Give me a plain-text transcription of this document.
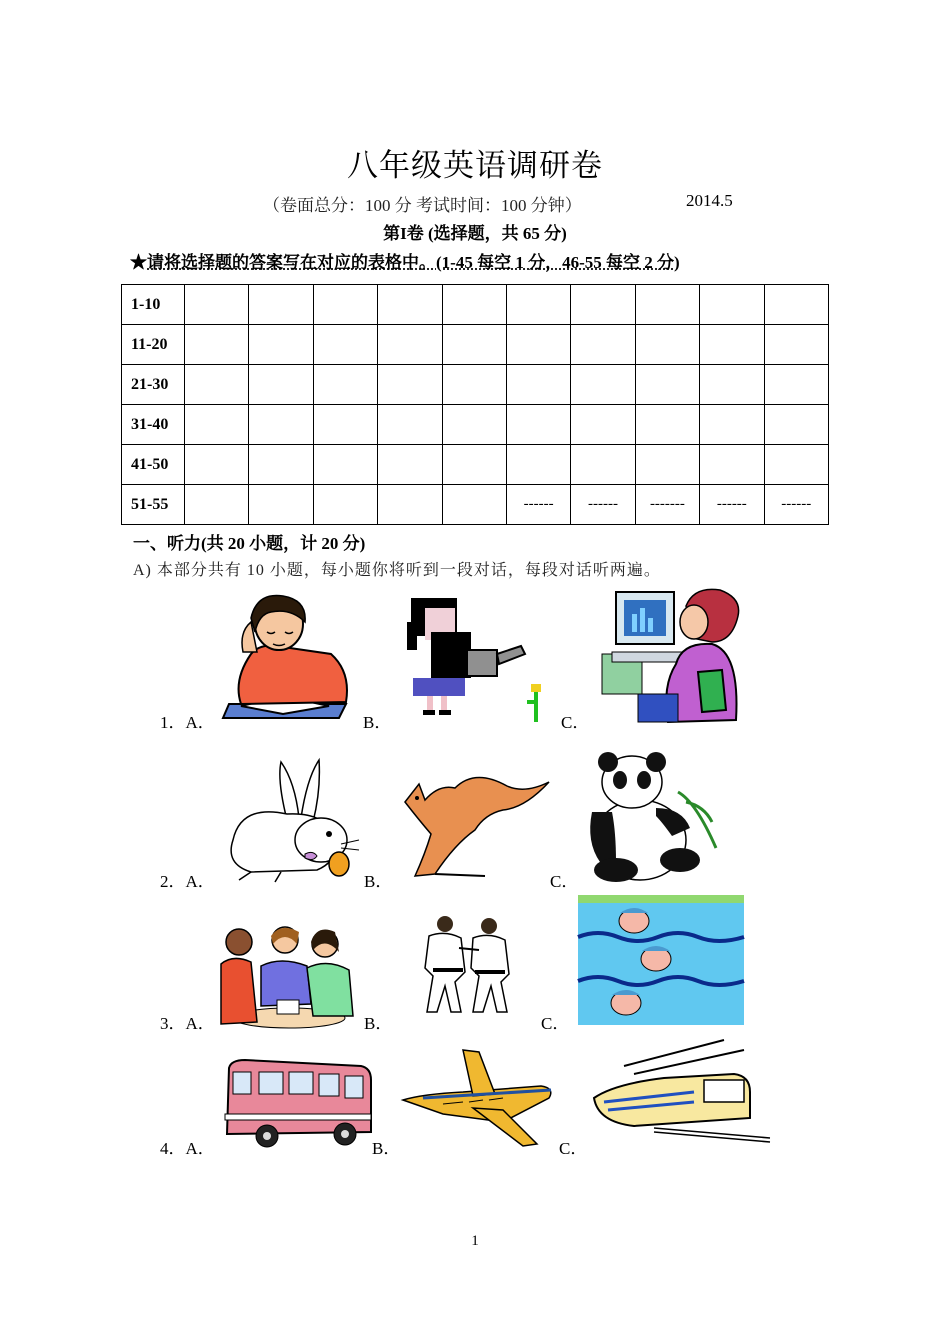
八年级英语调研卷
（卷面总分：100 分 考试时间：100 分钟）	2014.5
第I卷 (选择题，共 65 分)
★请将选择题的答案写在对应的表格中。(1-45 每空 1 分，46-55 每空 2 分)
1-10										
11-20										
21-30										
31-40										
41-50										
51-55						------	------	-------	------	------
一、听力(共 20 小题，计 20 分)
A) 本部分共有 10 小题，每小题你将听到一段对话，每段对话听两遍。
1．A．	B．	C．
2．A．	B．	C．
3．A．	B．	C．
4．A．	B．	C．
1
